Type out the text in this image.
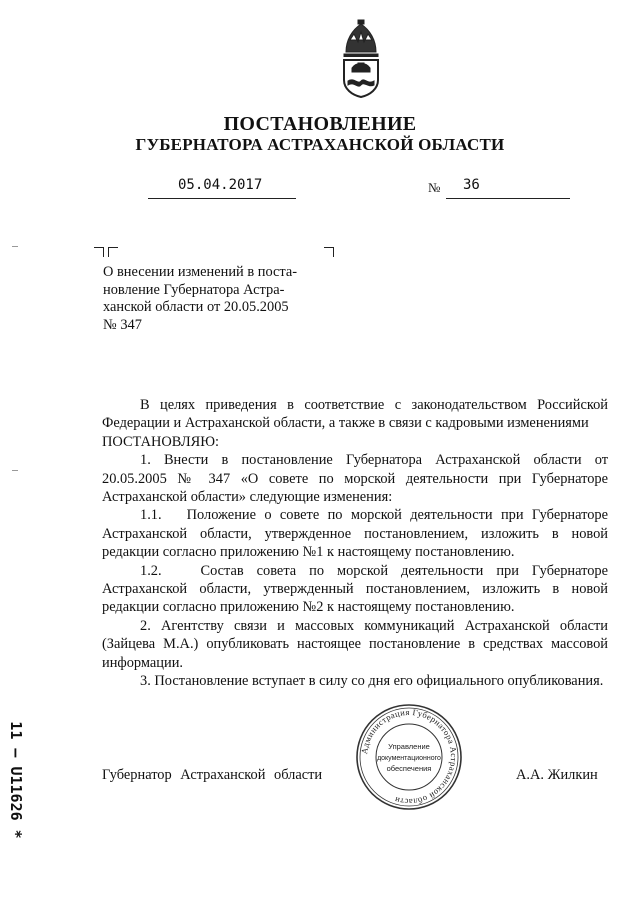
ПОСТАНОВЛЕНИЕ
ГУБЕРНАТОРА АСТРАХАНСКОЙ ОБЛАСТИ
05.04.2017	№ 36
О внесении изменений в поста-
новление Губернатора Астра-
ханской области от 20.05.2005
№ 347

В целях приведения в соответствие с законодательством Российской Федерации и Астраханской области, а также в связи с кадровыми изменениями

ПОСТАНОВЛЯЮ:

1. Внести в постановление Губернатора Астраханской области от 20.05.2005 № 347 «О совете по морской деятельности при Губернаторе Астраханской области» следующие изменения:

1.1.   Положение о совете по морской деятельности при Губернаторе Астраханской области, утвержденное постановлением, изложить в новой редакции согласно приложению №1 к настоящему постановлению.

1.2.   Состав совета по морской деятельности при Губернаторе Астраханской области, утвержденный постановлением, изложить в новой редакции согласно приложению №2 к настоящему постановлению.

2. Агентству связи и массовых коммуникаций Астраханской области (Зайцева М.А.) опубликовать настоящее постановление в средствах массовой информации.

3. Постановление вступает в силу со дня его официального опубликования.

Губернатор Астраханской области	А.А. Жилкин
Администрация Губернатора Астраханской области
Управление
документационного
обеспечения
11 – U11626 *
